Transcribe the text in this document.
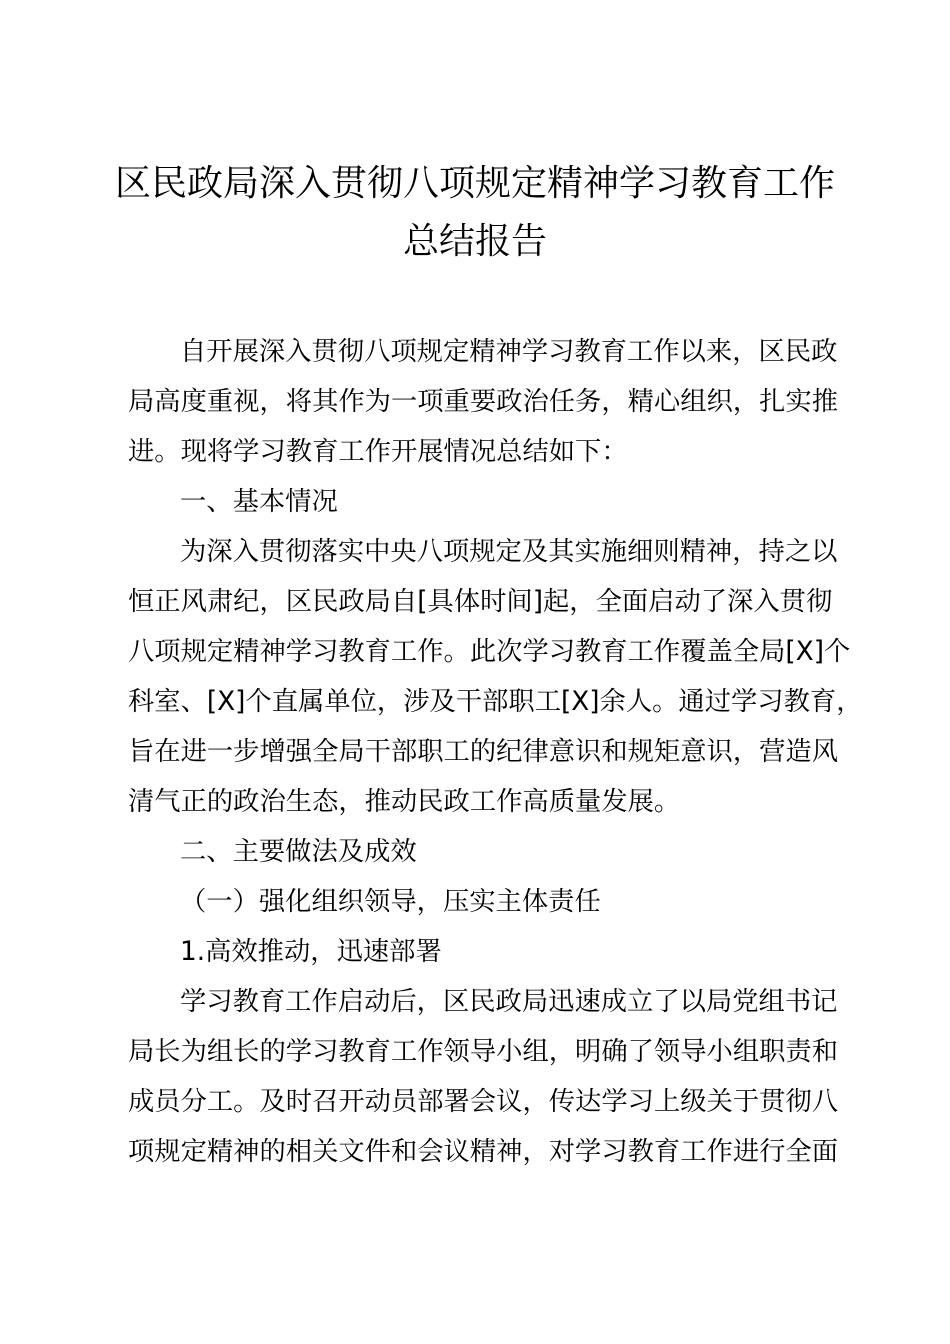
区民政局深入贯彻八项规定精神学习教育工作
总结报告
自开展深入贯彻八项规定精神学习教育工作以来，区民政
局高度重视，将其作为一项重要政治任务，精心组织，扎实推
进。现将学习教育工作开展情况总结如下：
一、基本情况
为深入贯彻落实中央八项规定及其实施细则精神，持之以
恒正风肃纪，区民政局自[具体时间]起，全面启动了深入贯彻
八项规定精神学习教育工作。此次学习教育工作覆盖全局[X]个
科室、[X]个直属单位，涉及干部职工[X]余人。通过学习教育，
旨在进一步增强全局干部职工的纪律意识和规矩意识，营造风
清气正的政治生态，推动民政工作高质量发展。
二、主要做法及成效
（一）强化组织领导，压实主体责任
1.高效推动，迅速部署
学习教育工作启动后，区民政局迅速成立了以局党组书记
局长为组长的学习教育工作领导小组，明确了领导小组职责和
成员分工。及时召开动员部署会议，传达学习上级关于贯彻八
项规定精神的相关文件和会议精神，对学习教育工作进行全面
